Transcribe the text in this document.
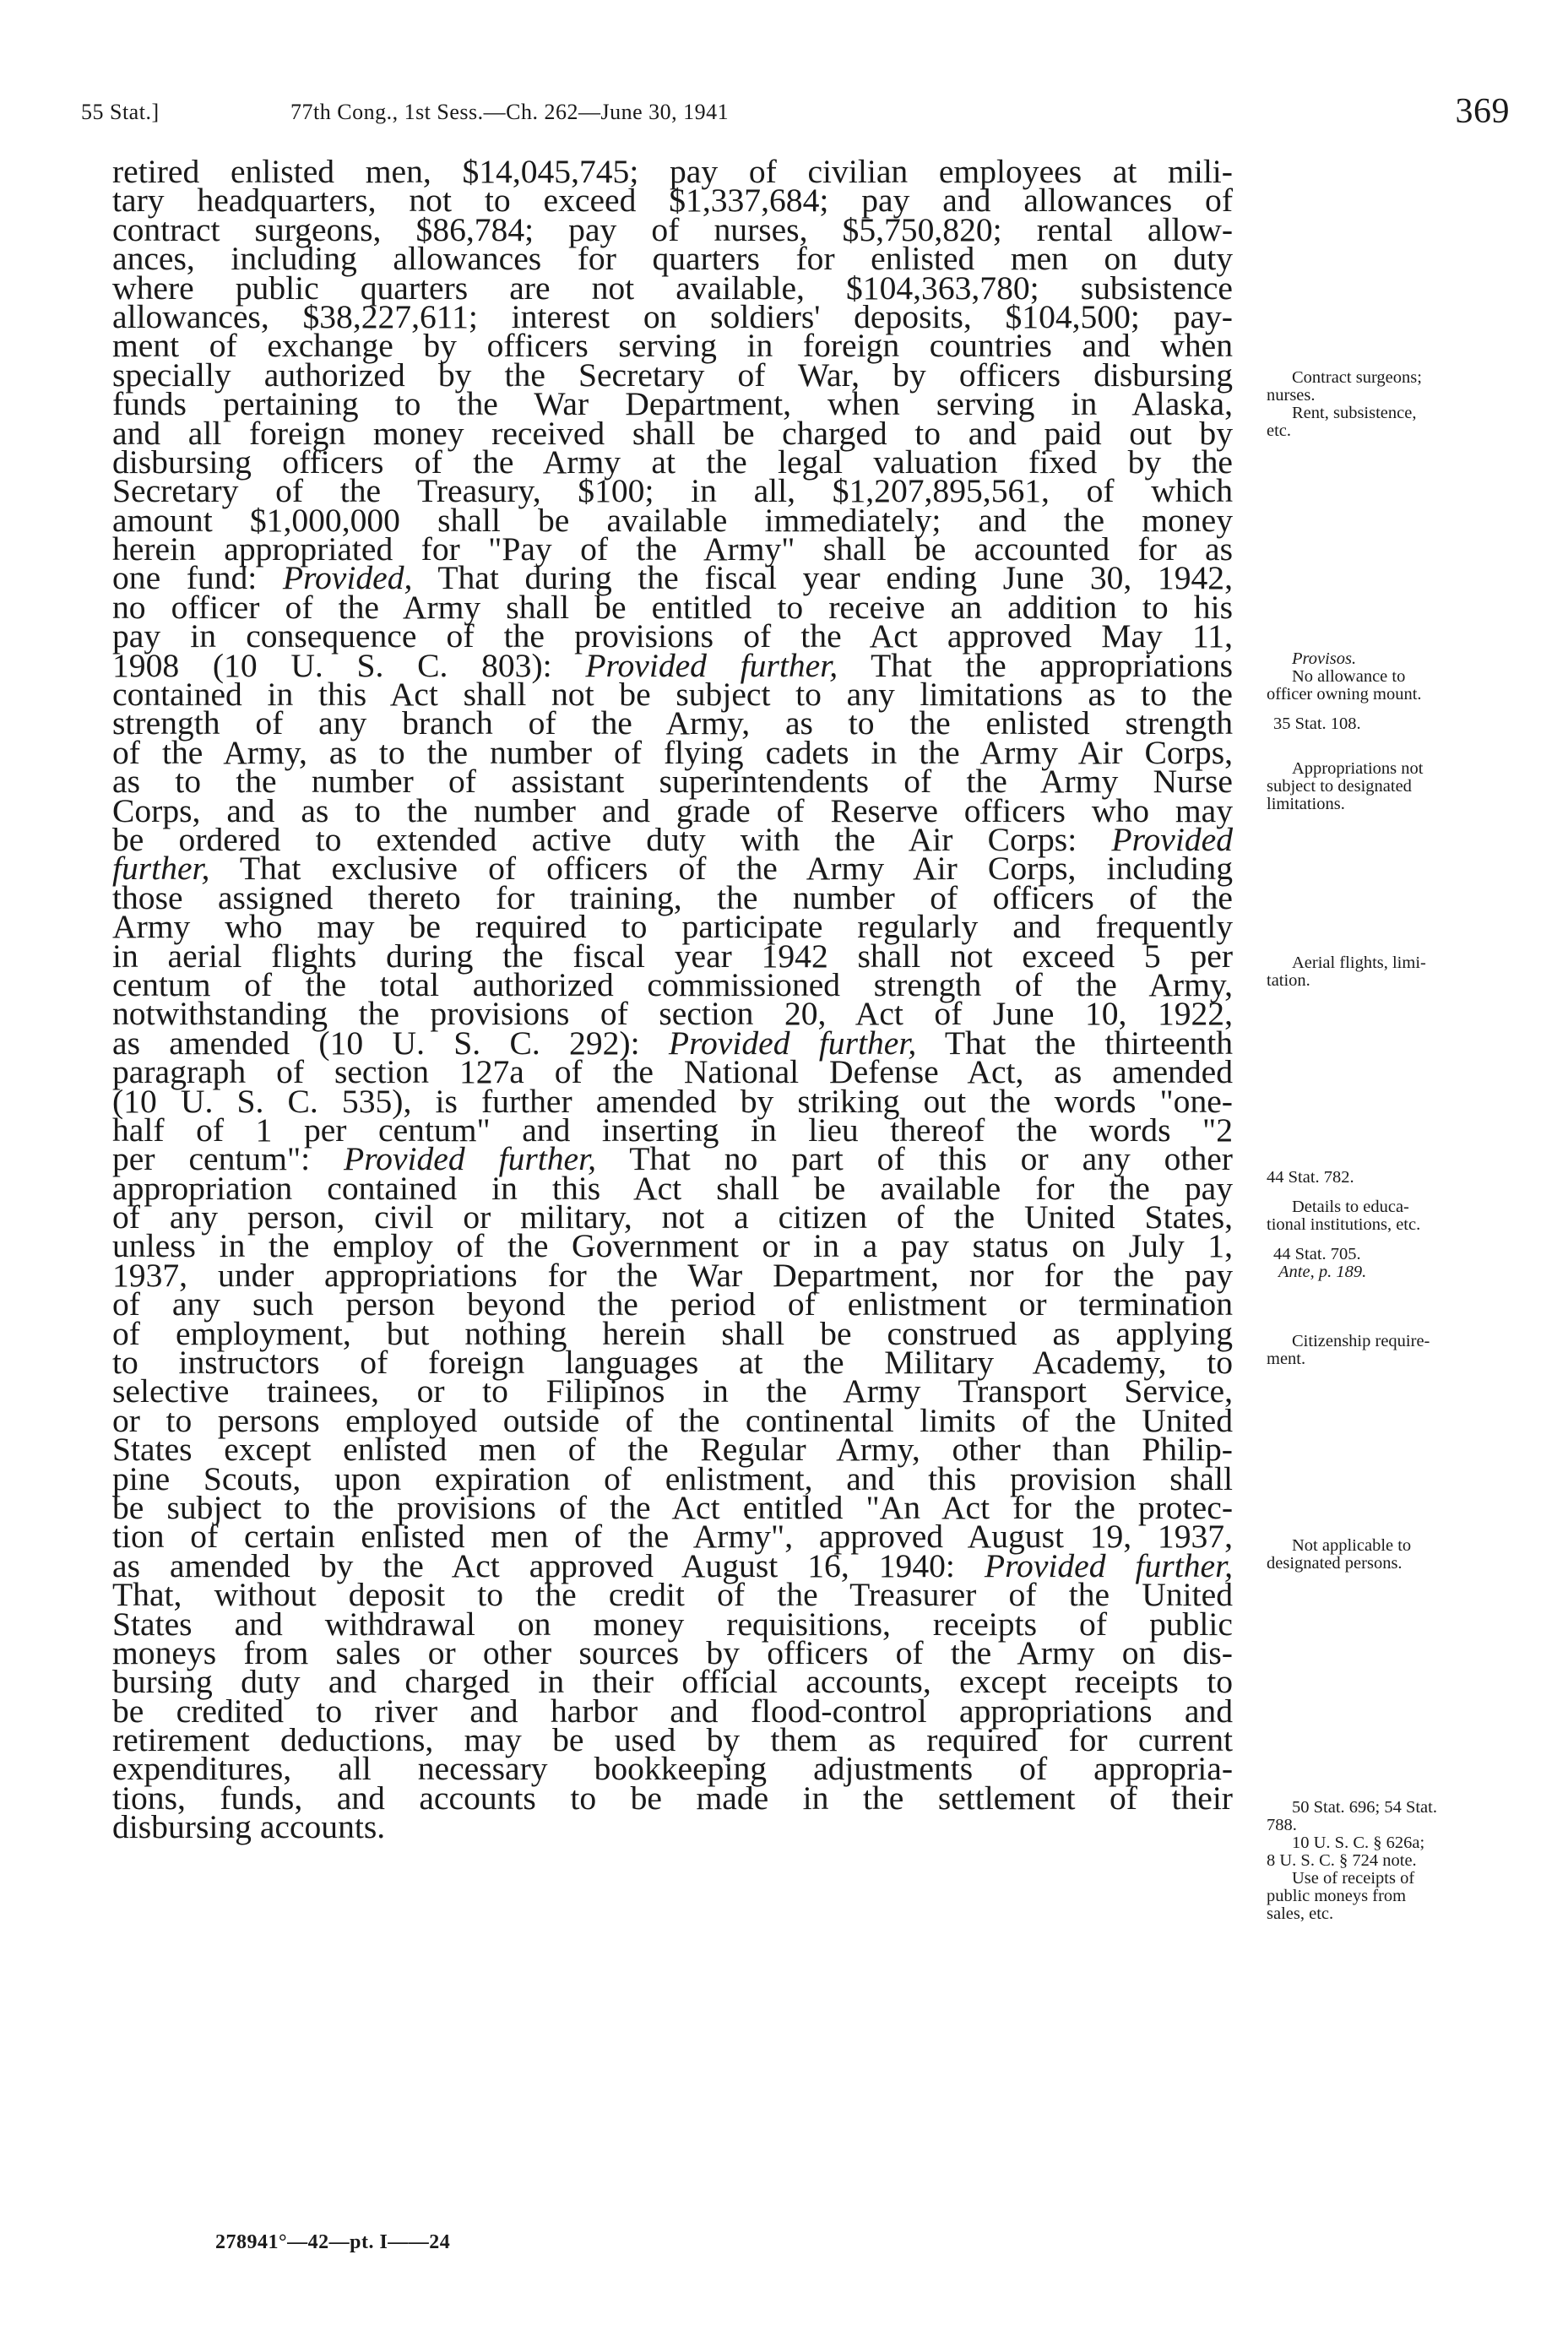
55 Stat.]	77th Cong., 1st Sess.—Ch. 262—June 30, 1941	369
retired enlisted men, $14,045,745; pay of civilian employees at mili-
tary headquarters, not to exceed $1,337,684; pay and allowances of
contract surgeons, $86,784; pay of nurses, $5,750,820; rental allow-
ances, including allowances for quarters for enlisted men on duty
where public quarters are not available, $104,363,780; subsistence
allowances, $38,227,611; interest on soldiers' deposits, $104,500; pay-
ment of exchange by officers serving in foreign countries and when
specially authorized by the Secretary of War, by officers disbursing
funds pertaining to the War Department, when serving in Alaska,
and all foreign money received shall be charged to and paid out by
disbursing officers of the Army at the legal valuation fixed by the
Secretary of the Treasury, $100; in all, $1,207,895,561, of which
amount $1,000,000 shall be available immediately; and the money
herein appropriated for "Pay of the Army" shall be accounted for as
one fund: Provided, That during the fiscal year ending June 30, 1942,
no officer of the Army shall be entitled to receive an addition to his
pay in consequence of the provisions of the Act approved May 11,
1908 (10 U. S. C. 803): Provided further, That the appropriations
contained in this Act shall not be subject to any limitations as to the
strength of any branch of the Army, as to the enlisted strength
of the Army, as to the number of flying cadets in the Army Air Corps,
as to the number of assistant superintendents of the Army Nurse
Corps, and as to the number and grade of Reserve officers who may
be ordered to extended active duty with the Air Corps: Provided
further, That exclusive of officers of the Army Air Corps, including
those assigned thereto for training, the number of officers of the
Army who may be required to participate regularly and frequently
in aerial flights during the fiscal year 1942 shall not exceed 5 per
centum of the total authorized commissioned strength of the Army,
notwithstanding the provisions of section 20, Act of June 10, 1922,
as amended (10 U. S. C. 292): Provided further, That the thirteenth
paragraph of section 127a of the National Defense Act, as amended
(10 U. S. C. 535), is further amended by striking out the words "one-
half of 1 per centum" and inserting in lieu thereof the words "2
per centum": Provided further, That no part of this or any other
appropriation contained in this Act shall be available for the pay
of any person, civil or military, not a citizen of the United States,
unless in the employ of the Government or in a pay status on July 1,
1937, under appropriations for the War Department, nor for the pay
of any such person beyond the period of enlistment or termination
of employment, but nothing herein shall be construed as applying
to instructors of foreign languages at the Military Academy, to
selective trainees, or to Filipinos in the Army Transport Service,
or to persons employed outside of the continental limits of the United
States except enlisted men of the Regular Army, other than Philip-
pine Scouts, upon expiration of enlistment, and this provision shall
be subject to the provisions of the Act entitled "An Act for the protec-
tion of certain enlisted men of the Army", approved August 19, 1937,
as amended by the Act approved August 16, 1940: Provided further,
That, without deposit to the credit of the Treasurer of the United
States and withdrawal on money requisitions, receipts of public
moneys from sales or other sources by officers of the Army on dis-
bursing duty and charged in their official accounts, except receipts to
be credited to river and harbor and flood-control appropriations and
retirement deductions, may be used by them as required for current
expenditures, all necessary bookkeeping adjustments of appropria-
tions, funds, and accounts to be made in the settlement of their
disbursing accounts.
Contract surgeons;
nurses.
Rent, subsistence,
etc.
Provisos.
No allowance to
officer owning mount.
35 Stat. 108.
Appropriations not
subject to designated
limitations.
Aerial flights, limi-
tation.
44 Stat. 782.
Details to educa-
tional institutions, etc.
44 Stat. 705.
Ante, p. 189.
Citizenship require-
ment.
Not applicable to
designated persons.
50 Stat. 696; 54 Stat.
788.
10 U. S. C. § 626a;
8 U. S. C. § 724 note.
Use of receipts of
public moneys from
sales, etc.
278941°—42—pt. I——24
